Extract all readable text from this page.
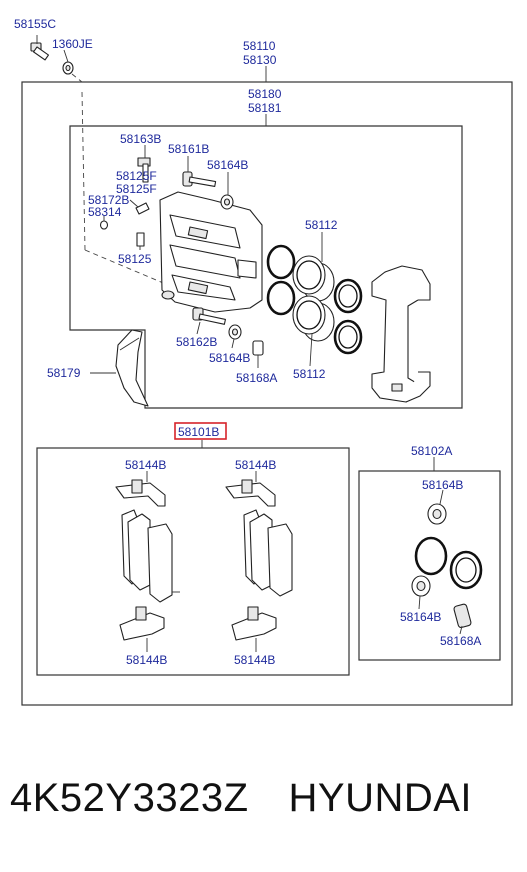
58155C
1360JE	58110
58130
58180
58181
58163B
58161B
58164B
58125F
58125F
58172B
58314
58125
58112
58112
58162B
58164B
58168A
58179
58101B
58144B	58144B
58144B	58144B
58102A
58164B
58164B
58168A
4K52Y3323Z HYUNDAI
